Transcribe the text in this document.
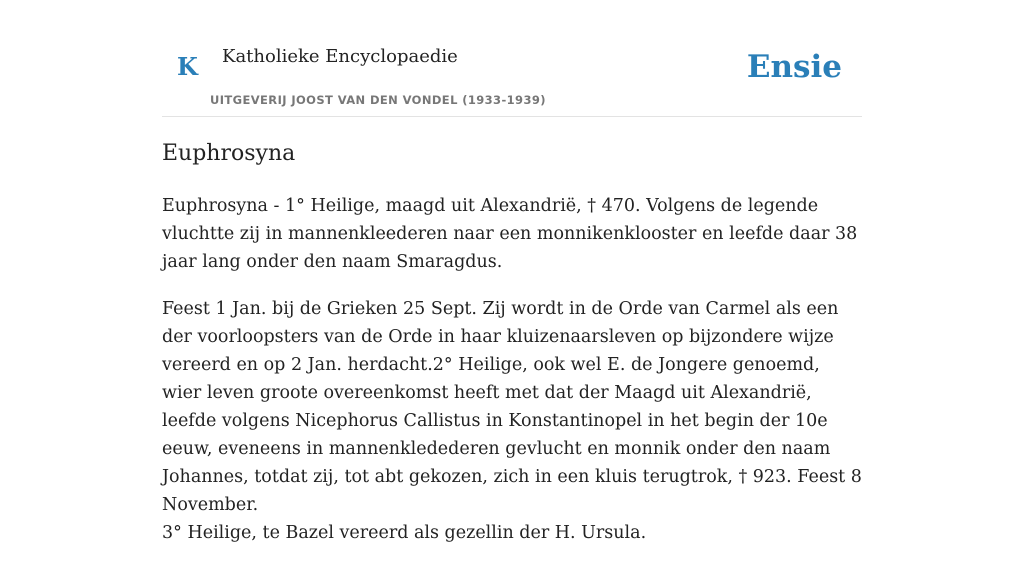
K Katholieke Encyclopaedie
UITGEVERIJ JOOST VAN DEN VONDEL (1933-1939)
Ensie
Euphrosyna

Euphrosyna - 1° Heilige, maagd uit Alexandrië, † 470. Volgens de legende vluchtte zij in mannenkleederen naar een monnikenklooster en leefde daar 38 jaar lang onder den naam Smaragdus.

Feest 1 Jan. bij de Grieken 25 Sept. Zij wordt in de Orde van Carmel als een der voorloopsters van de Orde in haar kluizenaarsleven op bijzondere wijze vereerd en op 2 Jan. herdacht.2° Heilige, ook wel E. de Jongere genoemd, wier leven groote overeenkomst heeft met dat der Maagd uit Alexandrië, leefde volgens Nicephorus Callistus in Konstantinopel in het begin der 10e eeuw, eveneens in mannenkledederen gevlucht en monnik onder den naam Johannes, totdat zij, tot abt gekozen, zich in een kluis terugtrok, † 923. Feest 8 November.

3° Heilige, te Bazel vereerd als gezellin der H. Ursula.
